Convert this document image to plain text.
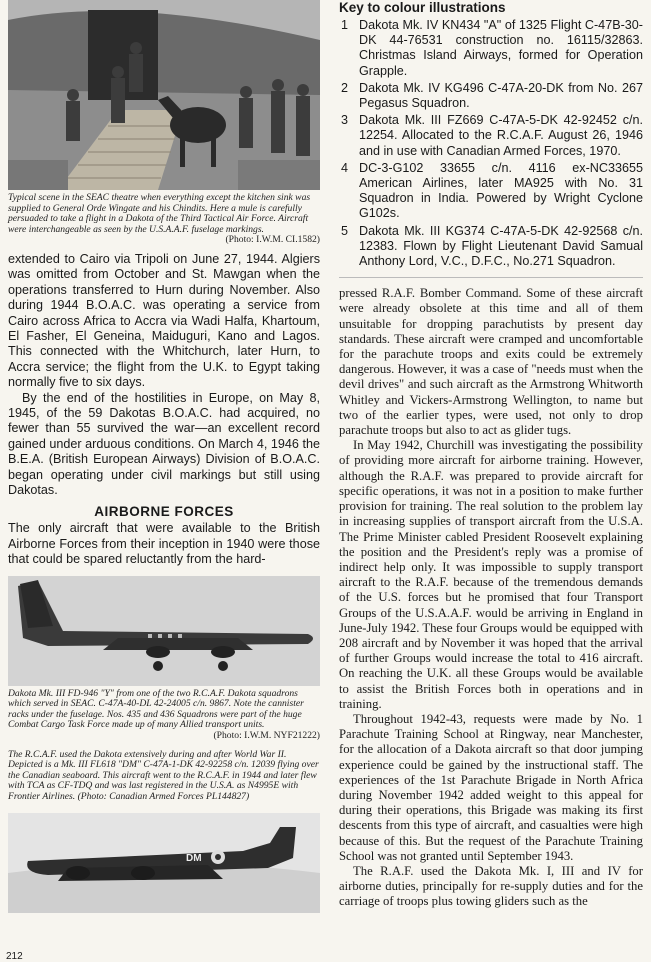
Typical scene in the SEAC theatre when everything except the kitchen sink was supplied to General Orde Wingate and his Chindits. Here a mule is carefully persuaded to take a flight in a Dakota of the Third Tactical Air Force. Aircraft were interchangeable as seen by the U.S.A.A.F. fuselage markings.
(Photo: I.W.M. CI.1582)

extended to Cairo via Tripoli on June 27, 1944. Algiers was omitted from October and St. Mawgan when the operations transferred to Hurn during November. Also during 1944 B.O.A.C. was operating a service from Cairo across Africa to Accra via Wadi Halfa, Khartoum, El Fasher, El Geneina, Maiduguri, Kano and Lagos. This connected with the Whitchurch, later Hurn, to Accra service; the flight from the U.K. to Egypt taking normally five to six days.

By the end of the hostilities in Europe, on May 8, 1945, of the 59 Dakotas B.O.A.C. had acquired, no fewer than 55 survived the war—an excellent record gained under arduous conditions. On March 4, 1946 the B.E.A. (British European Airways) Division of B.O.A.C. began operating under civil markings but still using Dakotas.

AIRBORNE FORCES

The only aircraft that were available to the British Airborne Forces from their inception in 1940 were those that could be spared reluctantly from the hard-

Dakota Mk. III FD-946 "Y" from one of the two R.C.A.F. Dakota squadrons which served in SEAC. C-47A-40-DL 42-24005 c/n. 9867. Note the cannister racks under the fuselage. Nos. 435 and 436 Squadrons were part of the huge Combat Cargo Task Force made up of many Allied transport units.
(Photo: I.W.M. NYF21222)

The R.C.A.F. used the Dakota extensively during and after World War II. Depicted is a Mk. III FL618 "DM" C-47A-1-DK 42-92258 c/n. 12039 flying over the Canadian seaboard. This aircraft went to the R.C.A.F. in 1944 and later flew with TCA as CF-TDQ and was last registered in the U.S.A. as N4995E with Frontier Airlines. (Photo: Canadian Armed Forces PL144827)

DM
Key to colour illustrations
1 Dakota Mk. IV KN434 "A" of 1325 Flight C-47B-30-DK 44-76531 construction no. 16115/32863. Christmas Island Airways, formed for Operation Grapple.
2 Dakota Mk. IV KG496 C-47A-20-DK from No. 267 Pegasus Squadron.
3 Dakota Mk. III FZ669 C-47A-5-DK 42-92452 c/n. 12254. Allocated to the R.C.A.F. August 26, 1946 and in use with Canadian Armed Forces, 1970.
4 DC-3-G102 33655 c/n. 4116 ex-NC33655 American Airlines, later MA925 with No. 31 Squadron in India. Powered by Wright Cyclone G102s.
5 Dakota Mk. III KG374 C-47A-5-DK 42-92568 c/n. 12383. Flown by Flight Lieutenant David Samual Anthony Lord, V.C., D.F.C., No.271 Squadron.

pressed R.A.F. Bomber Command. Some of these aircraft were already obsolete at this time and all of them unsuitable for dropping parachutists by present day standards. These aircraft were cramped and uncomfortable for the parachute troops and exits could be extremely dangerous. However, it was a case of "needs must when the devil drives" and such aircraft as the Armstrong Whitworth Whitley and Vickers-Armstrong Wellington, to name but two of the earlier types, were used, not only to drop parachute troops but also to act as glider tugs.

In May 1942, Churchill was investigating the possibility of providing more aircraft for airborne training. However, although the R.A.F. was prepared to provide aircraft for specific operations, it was not in a position to make further provision for training. The real solution to the problem lay in increasing supplies of transport aircraft from the U.S.A. The Prime Minister cabled President Roosevelt explaining the position and the President's reply was a promise of indirect help only. It was impossible to supply transport aircraft to the R.A.F. because of the tremendous demands of the U.S. forces but he promised that four Transport Groups of the U.S.A.A.F. would be arriving in England in June-July 1942. These four Groups would be equipped with 208 aircraft and by November it was hoped that the arrival of further Groups would increase the total to 416 aircraft. On reaching the U.K. all these Groups would be available to assist the British Forces both in operations and in training.

Throughout 1942-43, requests were made by No. 1 Parachute Training School at Ringway, near Manchester, for the allocation of a Dakota aircraft so that door jumping experience could be gained by the instructional staff. The experiences of the 1st Parachute Brigade in North Africa during November 1942 added weight to this appeal for during their operations, this Brigade was making its first descents from this type of aircraft, and casualties were high because of this. But the request of the Parachute Training School was not granted until September 1943.

The R.A.F. used the Dakota Mk. I, III and IV for airborne duties, principally for re-supply duties and for the carriage of troops plus towing gliders such as the

212
